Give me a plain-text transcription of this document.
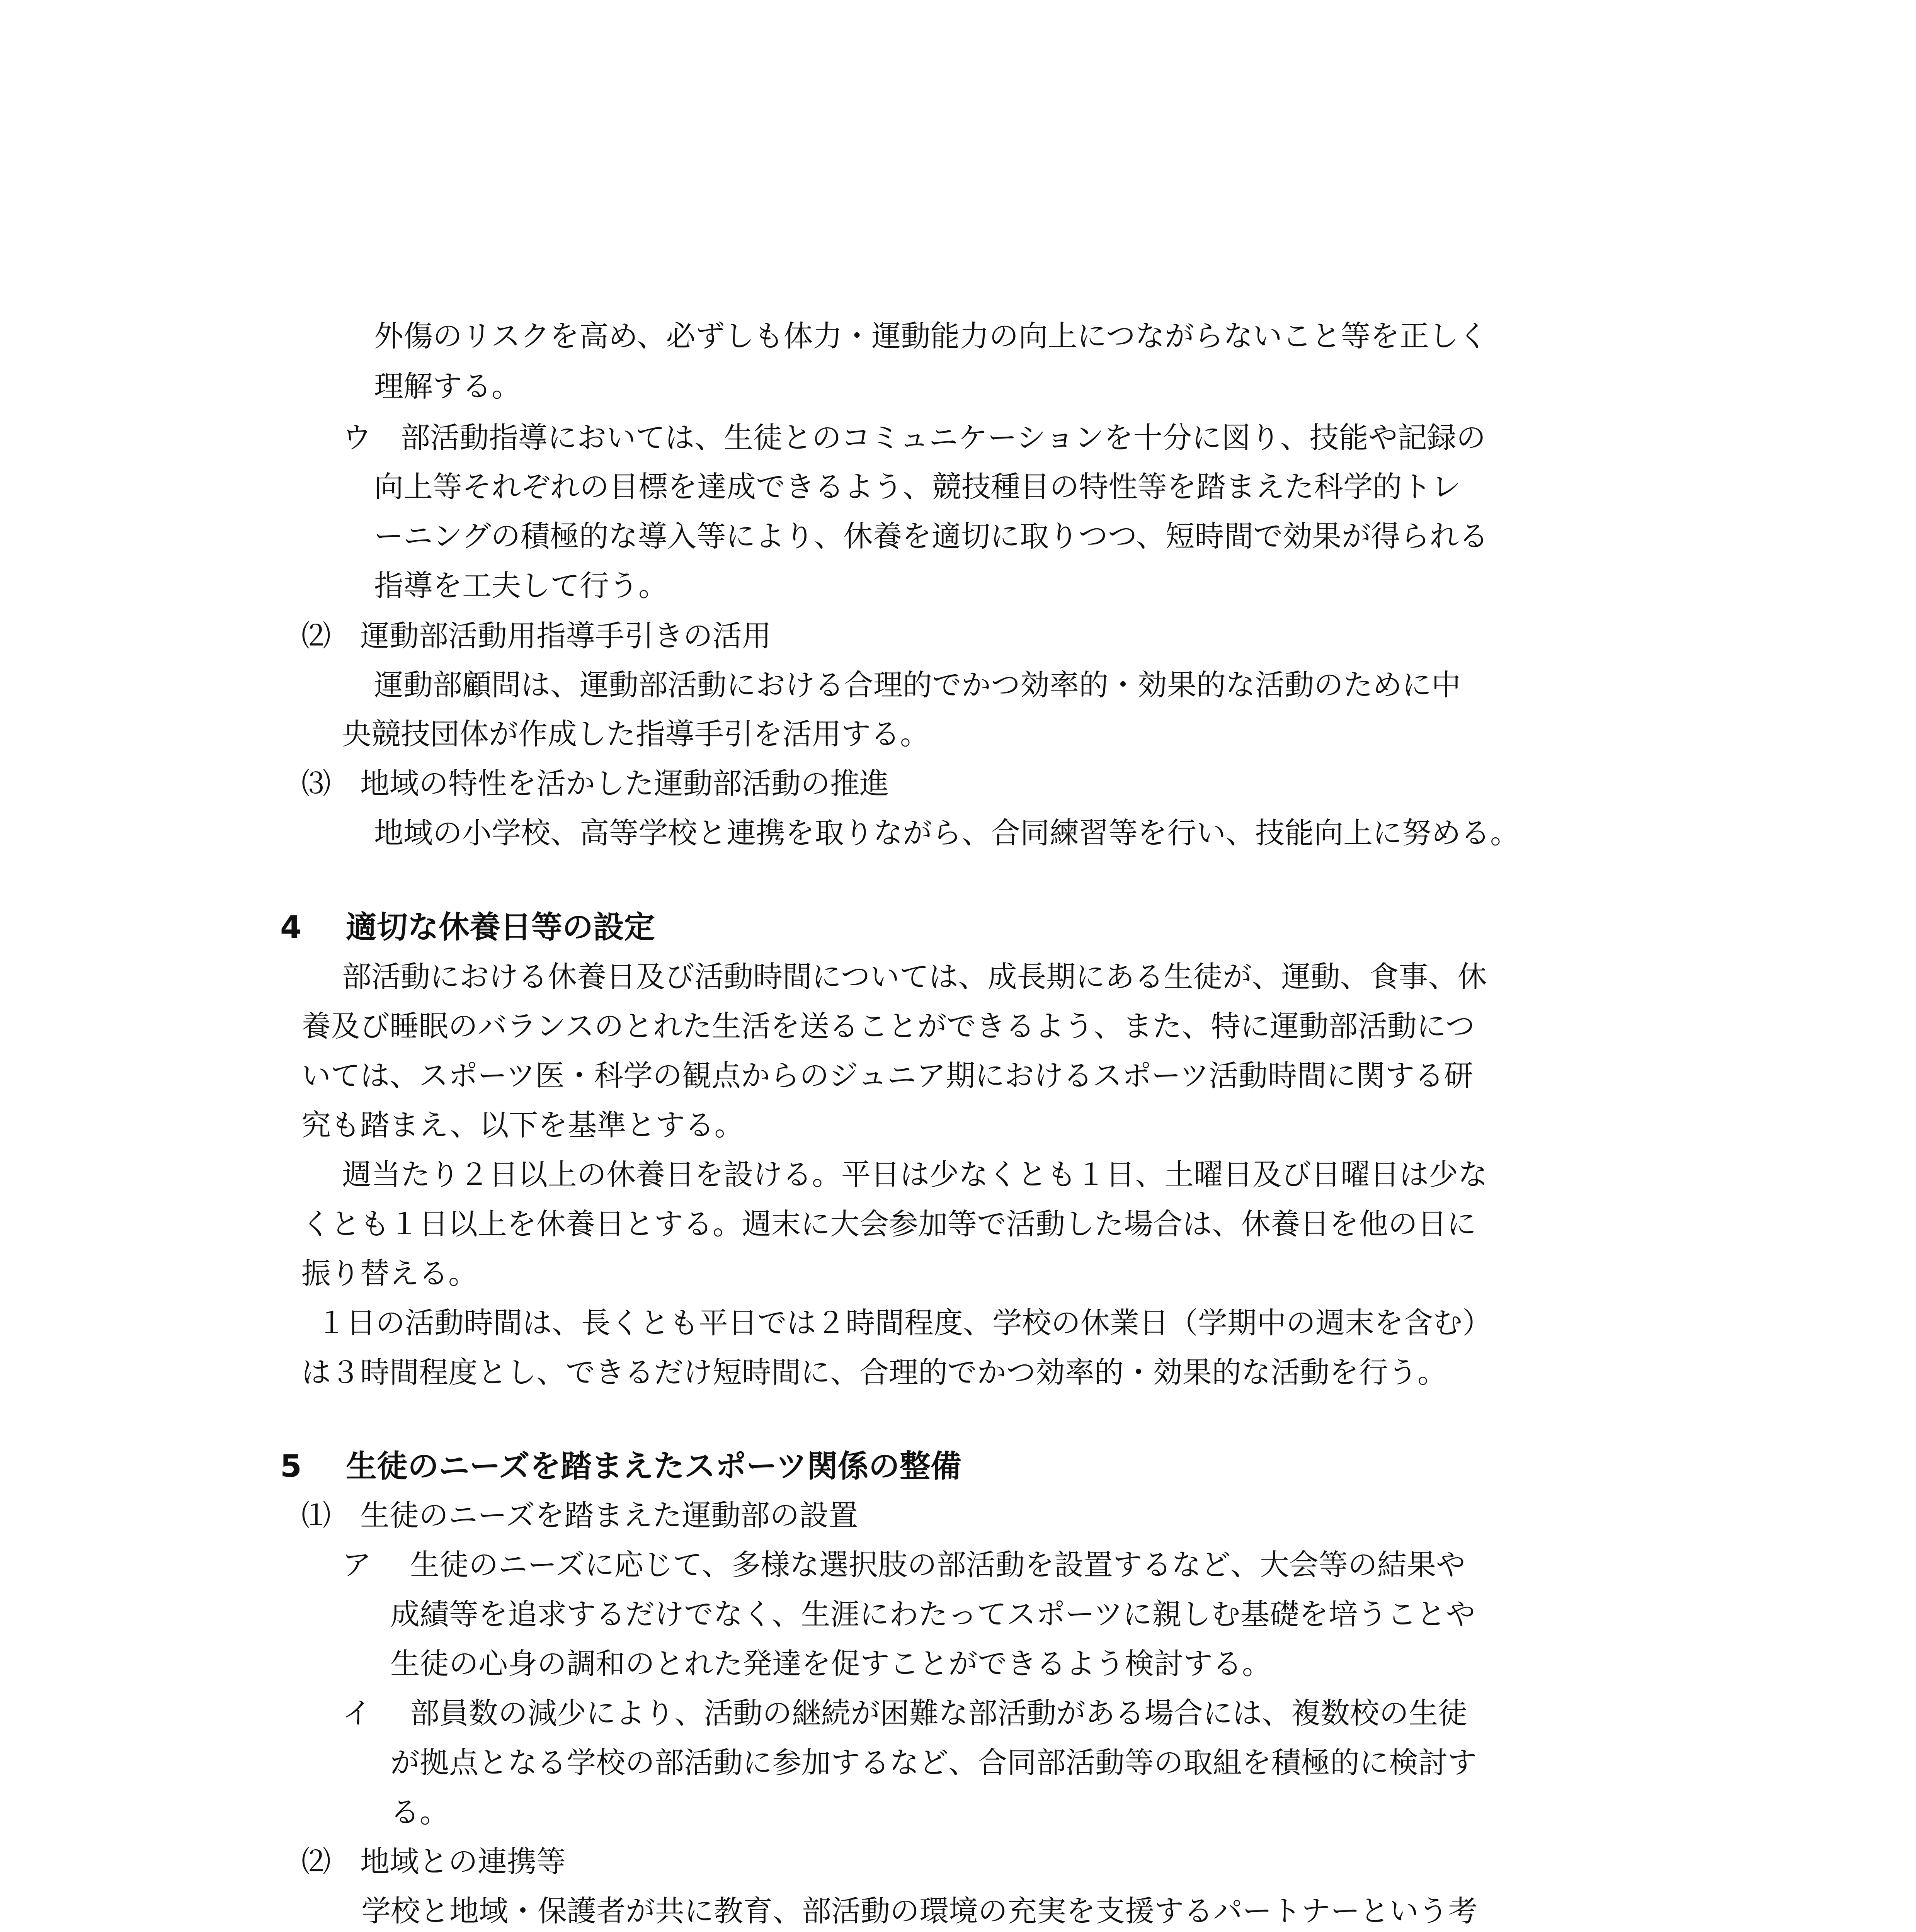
外傷のリスクを高め、必ずしも体力・運動能力の向上につながらないこと等を正しく

理解する。

ウ　部活動指導においては、生徒とのコミュニケーションを十分に図り、技能や記録の

向上等それぞれの目標を達成できるよう、競技種目の特性等を踏まえた科学的トレ

ーニングの積極的な導入等により、休養を適切に取りつつ、短時間で効果が得られる

指導を工夫して行う。

⑵　運動部活動用指導手引きの活用

運動部顧問は、運動部活動における合理的でかつ効率的・効果的な活動のために中

央競技団体が作成した指導手引を活用する。

⑶　地域の特性を活かした運動部活動の推進

地域の小学校、高等学校と連携を取りながら、合同練習等を行い、技能向上に努める。

4 適切な休養日等の設定

部活動における休養日及び活動時間については、成長期にある生徒が、運動、食事、休

養及び睡眠のバランスのとれた生活を送ることができるよう、また、特に運動部活動につ

いては、スポーツ医・科学の観点からのジュニア期におけるスポーツ活動時間に関する研

究も踏まえ、以下を基準とする。

週当たり２日以上の休養日を設ける。平日は少なくとも１日、土曜日及び日曜日は少な

くとも１日以上を休養日とする。週末に大会参加等で活動した場合は、休養日を他の日に

振り替える。

１日の活動時間は、長くとも平日では２時間程度、学校の休業日（学期中の週末を含む）

は３時間程度とし、できるだけ短時間に、合理的でかつ効率的・効果的な活動を行う。

5 生徒のニーズを踏まえたスポーツ関係の整備

⑴　生徒のニーズを踏まえた運動部の設置

ア　 生徒のニーズに応じて、多様な選択肢の部活動を設置するなど、大会等の結果や

成績等を追求するだけでなく、生涯にわたってスポーツに親しむ基礎を培うことや

生徒の心身の調和のとれた発達を促すことができるよう検討する。

イ　 部員数の減少により、活動の継続が困難な部活動がある場合には、複数校の生徒

が拠点となる学校の部活動に参加するなど、合同部活動等の取組を積極的に検討す

る。

⑵　地域との連携等

学校と地域・保護者が共に教育、部活動の環境の充実を支援するパートナーという考
